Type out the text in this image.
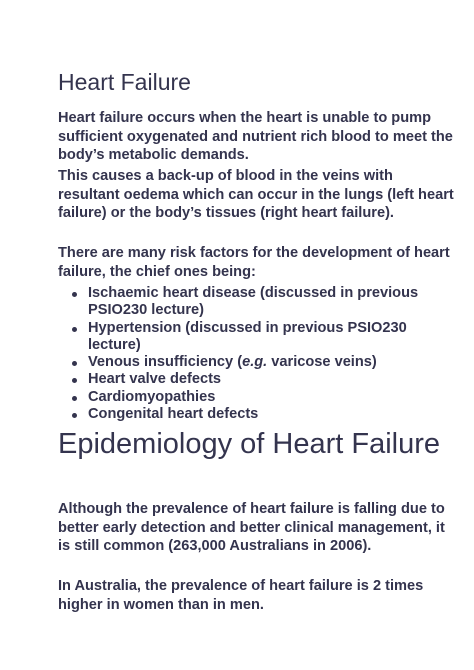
Heart Failure

Heart failure occurs when the heart is unable to pump sufficient oxygenated and nutrient rich blood to meet the body’s metabolic demands.

This causes a back-up of blood in the veins with resultant oedema which can occur in the lungs (left heart failure) or the body’s tissues (right heart failure).

There are many risk factors for the development of heart failure, the chief ones being:

Ischaemic heart disease (discussed in previous PSIO230 lecture)
Hypertension (discussed in previous PSIO230 lecture)
Venous insufficiency (e.g. varicose veins)
Heart valve defects
Cardiomyopathies
Congenital heart defects
Epidemiology of Heart Failure

Although the prevalence of heart failure is falling due to better early detection and better clinical management, it is still common (263,000 Australians in 2006).

In Australia, the prevalence of heart failure is 2 times higher in women than in men.
